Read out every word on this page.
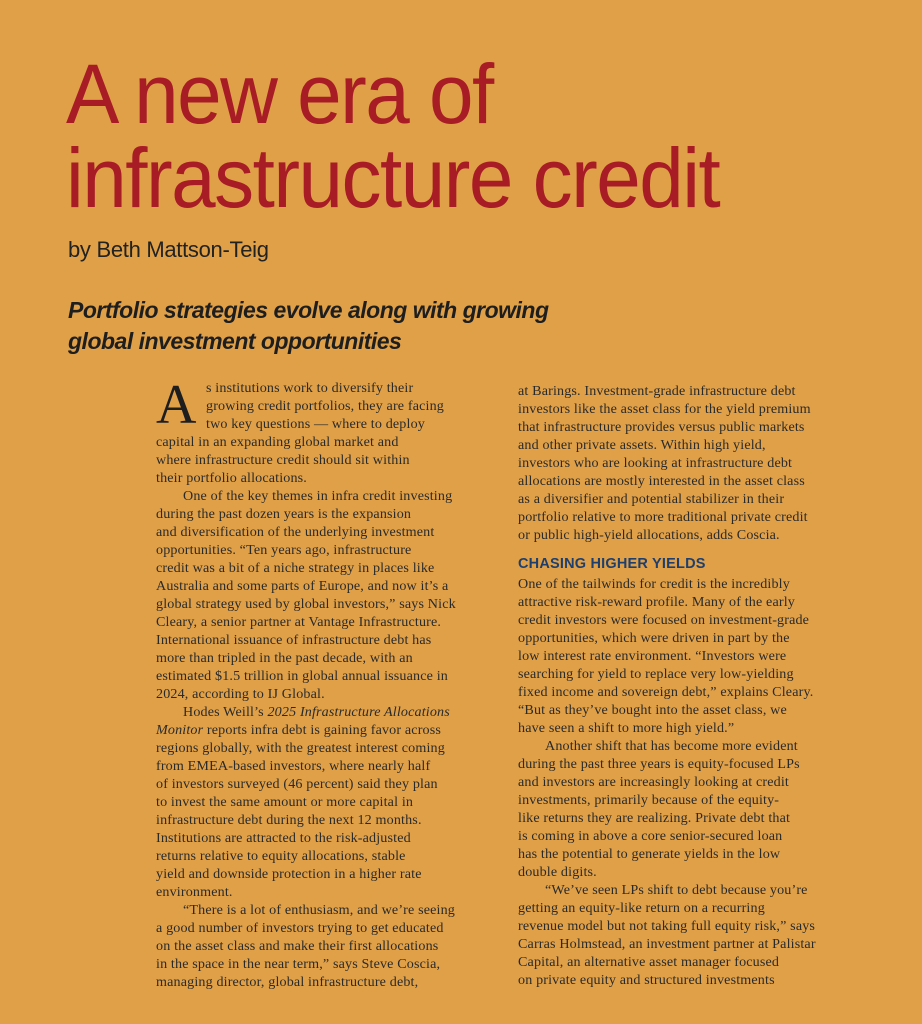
A new era of
infrastructure credit
by Beth Mattson-Teig
Portfolio strategies evolve along with growing
global investment opportunities
A s institutions work to diversify their
growing credit portfolios, they are facing
two key questions — where to deploy
capital in an expanding global market and
where infrastructure credit should sit within
their portfolio allocations.
One of the key themes in infra credit investing
during the past dozen years is the expansion
and diversification of the underlying investment
opportunities. “Ten years ago, infrastructure
credit was a bit of a niche strategy in places like
Australia and some parts of Europe, and now it’s a
global strategy used by global investors,” says Nick
Cleary, a senior partner at Vantage Infrastructure.
International issuance of infrastructure debt has
more than tripled in the past decade, with an
estimated $1.5 trillion in global annual issuance in
2024, according to IJ Global.
Hodes Weill’s 2025 Infrastructure Allocations
Monitor reports infra debt is gaining favor across
regions globally, with the greatest interest coming
from EMEA-based investors, where nearly half
of investors surveyed (46 percent) said they plan
to invest the same amount or more capital in
infrastructure debt during the next 12 months.
Institutions are attracted to the risk-adjusted
returns relative to equity allocations, stable
yield and downside protection in a higher rate
environment.
“There is a lot of enthusiasm, and we’re seeing
a good number of investors trying to get educated
on the asset class and make their first allocations
in the space in the near term,” says Steve Coscia,
managing director, global infrastructure debt,
at Barings. Investment-grade infrastructure debt
investors like the asset class for the yield premium
that infrastructure provides versus public markets
and other private assets. Within high yield,
investors who are looking at infrastructure debt
allocations are mostly interested in the asset class
as a diversifier and potential stabilizer in their
portfolio relative to more traditional private credit
or public high-yield allocations, adds Coscia.
CHASING HIGHER YIELDS
One of the tailwinds for credit is the incredibly
attractive risk-reward profile. Many of the early
credit investors were focused on investment-grade
opportunities, which were driven in part by the
low interest rate environment. “Investors were
searching for yield to replace very low-yielding
fixed income and sovereign debt,” explains Cleary.
“But as they’ve bought into the asset class, we
have seen a shift to more high yield.”
Another shift that has become more evident
during the past three years is equity-focused LPs
and investors are increasingly looking at credit
investments, primarily because of the equity-
like returns they are realizing. Private debt that
is coming in above a core senior-secured loan
has the potential to generate yields in the low
double digits.
“We’ve seen LPs shift to debt because you’re
getting an equity-like return on a recurring
revenue model but not taking full equity risk,” says
Carras Holmstead, an investment partner at Palistar
Capital, an alternative asset manager focused
on private equity and structured investments
